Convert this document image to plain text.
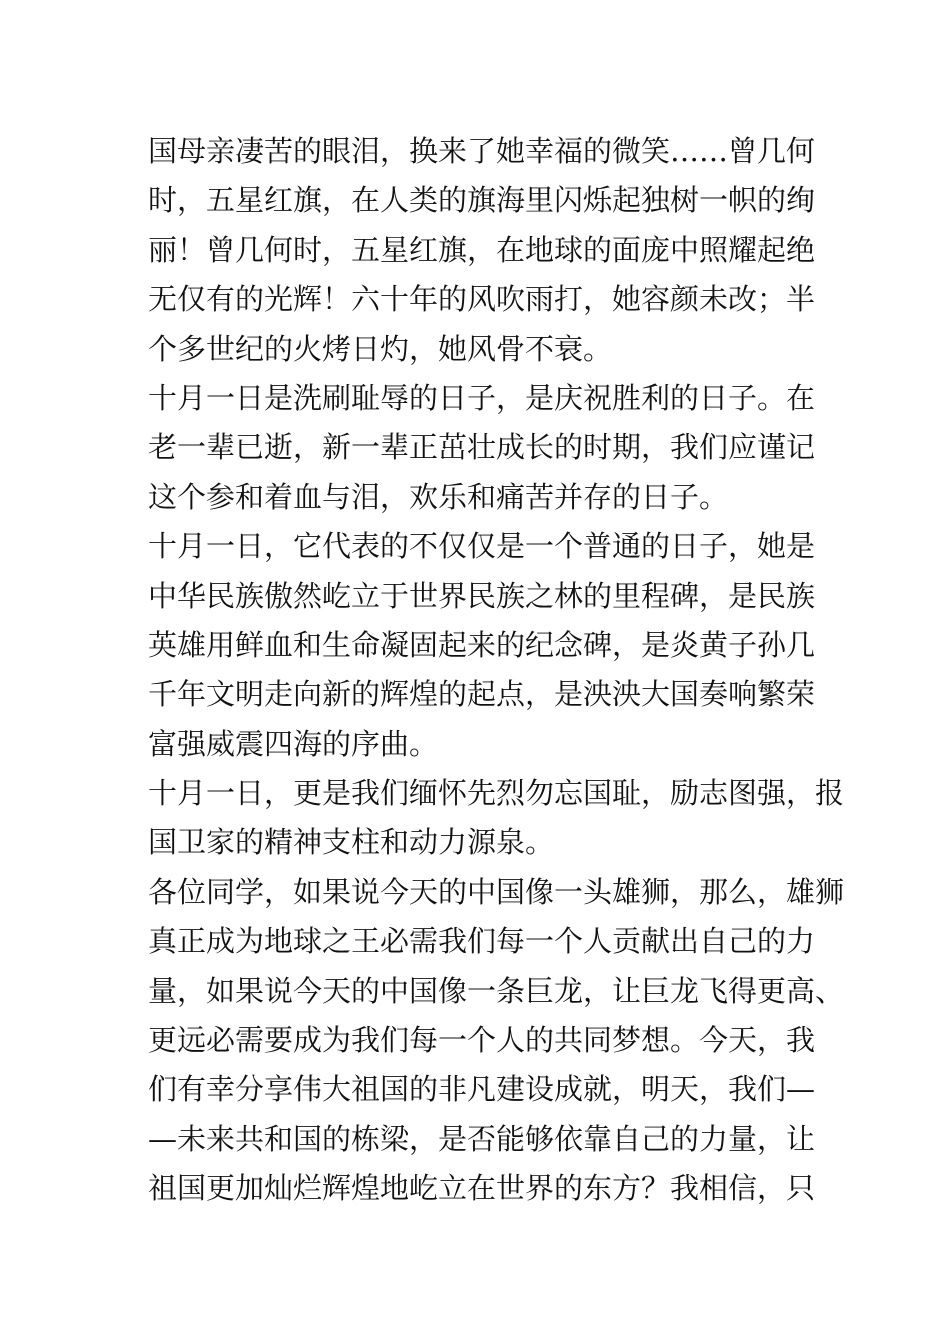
国母亲凄苦的眼泪，换来了她幸福的微笑……曾几何
时，五星红旗，在人类的旗海里闪烁起独树一帜的绚
丽！曾几何时，五星红旗，在地球的面庞中照耀起绝
无仅有的光辉！六十年的风吹雨打，她容颜未改；半
个多世纪的火烤日灼，她风骨不衰。
十月一日是洗刷耻辱的日子，是庆祝胜利的日子。在
老一辈已逝，新一辈正茁壮成长的时期，我们应谨记
这个参和着血与泪，欢乐和痛苦并存的日子。
十月一日，它代表的不仅仅是一个普通的日子，她是
中华民族傲然屹立于世界民族之林的里程碑，是民族
英雄用鲜血和生命凝固起来的纪念碑，是炎黄子孙几
千年文明走向新的辉煌的起点，是泱泱大国奏响繁荣
富强威震四海的序曲。
十月一日，更是我们缅怀先烈勿忘国耻，励志图强，报
国卫家的精神支柱和动力源泉。
各位同学，如果说今天的中国像一头雄狮，那么，雄狮
真正成为地球之王必需我们每一个人贡献出自己的力
量，如果说今天的中国像一条巨龙，让巨龙飞得更高、
更远必需要成为我们每一个人的共同梦想。今天，我
们有幸分享伟大祖国的非凡建设成就，明天，我们—
—未来共和国的栋梁，是否能够依靠自己的力量，让
祖国更加灿烂辉煌地屹立在世界的东方？我相信，只
